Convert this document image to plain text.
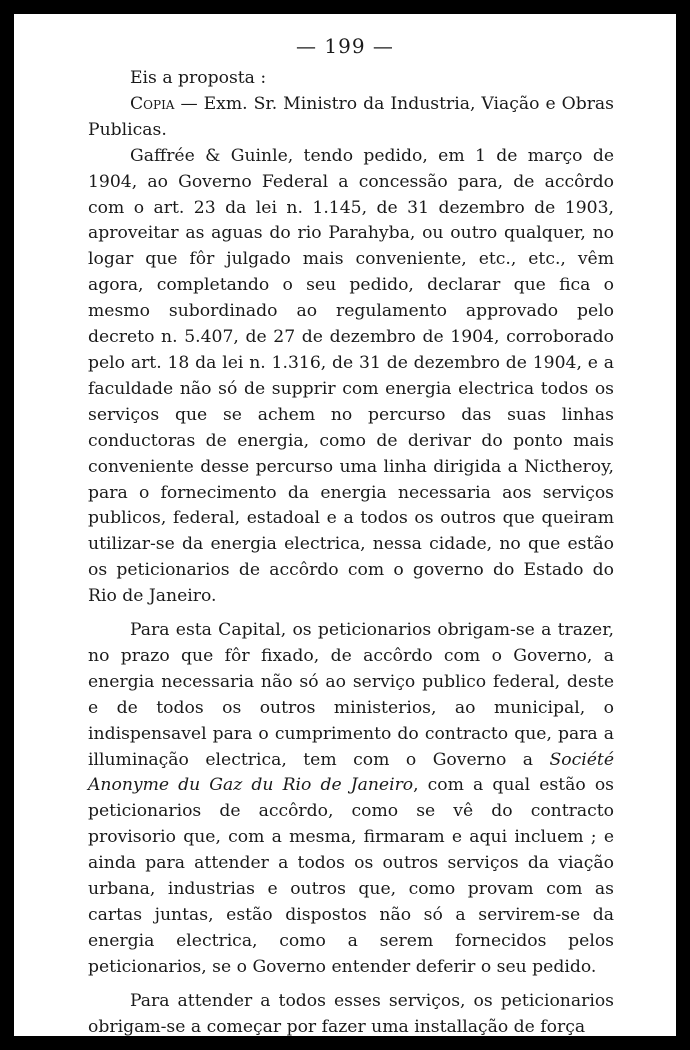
— 199 —

Eis a proposta :

Copia — Exm. Sr. Ministro da Industria, Viação e Obras Publicas.

Gaffrée & Guinle, tendo pedido, em 1 de março de 1904, ao Governo Federal a concessão para, de accôrdo com o art. 23 da lei n. 1.145, de 31 dezembro de 1903, aproveitar as aguas do rio Parahyba, ou outro qualquer, no logar que fôr julgado mais conveniente, etc., etc., vêm agora, completando o seu pedido, declarar que fica o mesmo subordinado ao regulamento approvado pelo decreto n. 5.407, de 27 de dezembro de 1904, corroborado pelo art. 18 da lei n. 1.316, de 31 de dezembro de 1904, e a faculdade não só de supprir com energia electrica todos os serviços que se achem no percurso das suas linhas conductoras de energia, como de derivar do ponto mais conveniente desse percurso uma linha dirigida a Nictheroy, para o fornecimento da energia necessaria aos serviços publicos, federal, estadoal e a todos os outros que queiram utilizar-se da energia electrica, nessa cidade, no que estão os peticionarios de accôrdo com o governo do Estado do Rio de Janeiro.

Para esta Capital, os peticionarios obrigam-se a trazer, no prazo que fôr fixado, de accôrdo com o Governo, a energia necessaria não só ao serviço publico federal, deste e de todos os outros ministerios, ao municipal, o indispensavel para o cumprimento do contracto que, para a illuminação electrica, tem com o Governo a Société Anonyme du Gaz du Rio de Janeiro, com a qual estão os peticionarios de accôrdo, como se vê do contracto provisorio que, com a mesma, firmaram e aqui incluem ; e ainda para attender a todos os outros serviços da viação urbana, industrias e outros que, como provam com as cartas juntas, estão dispostos não só a servirem-se da energia electrica, como a serem fornecidos pelos peticionarios, se o Governo entender deferir o seu pedido.

Para attender a todos esses serviços, os peticionarios obrigam-se a começar por fazer uma installação de força
